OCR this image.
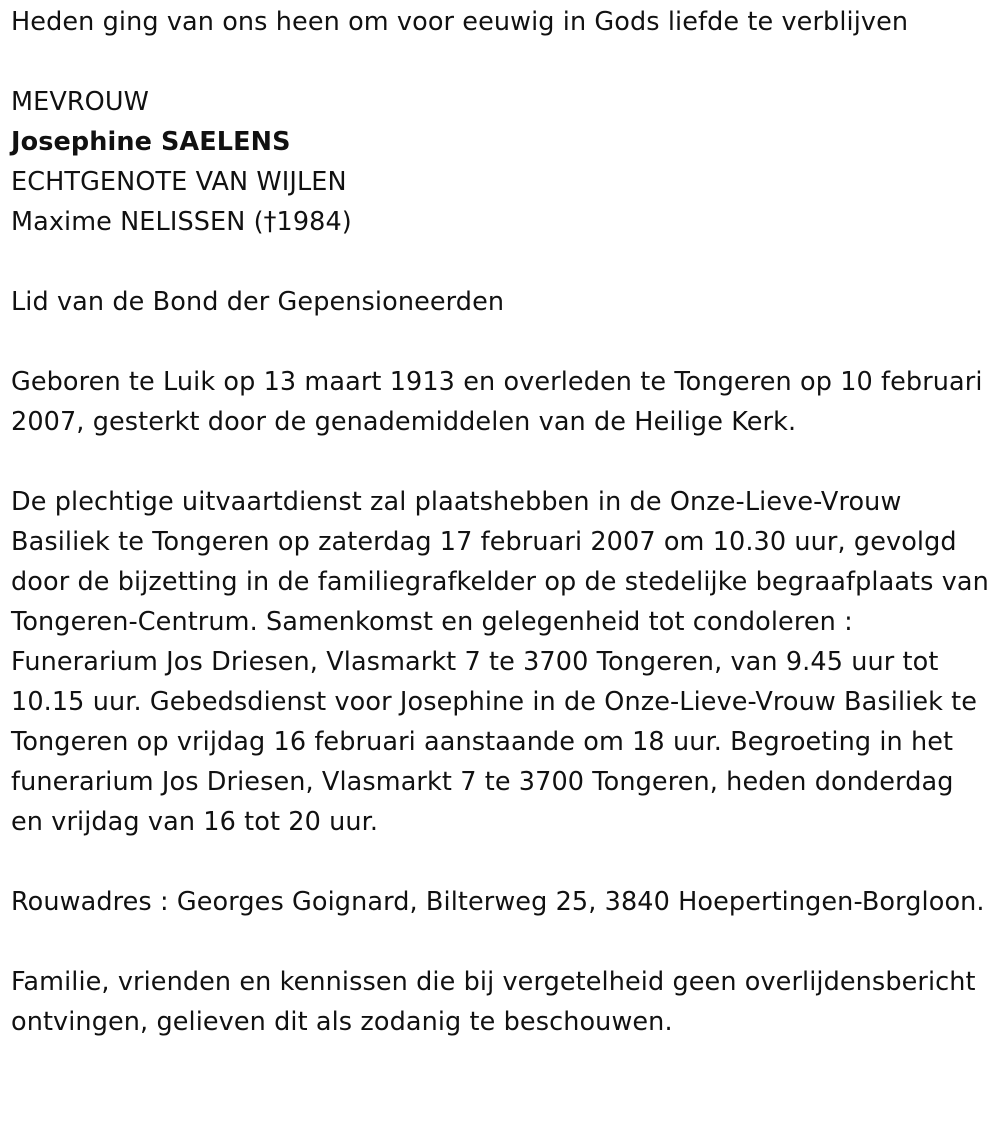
Heden ging van ons heen om voor eeuwig in Gods liefde te verblijven

MEVROUW

Josephine SAELENS

ECHTGENOTE VAN WIJLEN

Maxime NELISSEN (†1984)

Lid van de Bond der Gepensioneerden

Geboren te Luik op 13 maart 1913 en overleden te Tongeren op 10 februari 2007, gesterkt door de genademiddelen van de Heilige Kerk.

De plechtige uitvaartdienst zal plaatshebben in de Onze-Lieve-Vrouw Basiliek te Tongeren op zaterdag 17 februari 2007 om 10.30 uur, gevolgd door de bijzetting in de familiegrafkelder op de stedelijke begraafplaats van Tongeren-Centrum. Samenkomst en gelegenheid tot condoleren : Funerarium Jos Driesen, Vlasmarkt 7 te 3700 Tongeren, van 9.45 uur tot 10.15 uur. Gebedsdienst voor Josephine in de Onze-Lieve-Vrouw Basiliek te Tongeren op vrijdag 16 februari aanstaande om 18 uur. Begroeting in het funerarium Jos Driesen, Vlasmarkt 7 te 3700 Tongeren, heden donderdag en vrijdag van 16 tot 20 uur.

Rouwadres : Georges Goignard, Bilterweg 25, 3840 Hoepertingen-Borgloon.

Familie, vrienden en kennissen die bij vergetelheid geen overlijdensbericht ontvingen, gelieven dit als zodanig te beschouwen.
